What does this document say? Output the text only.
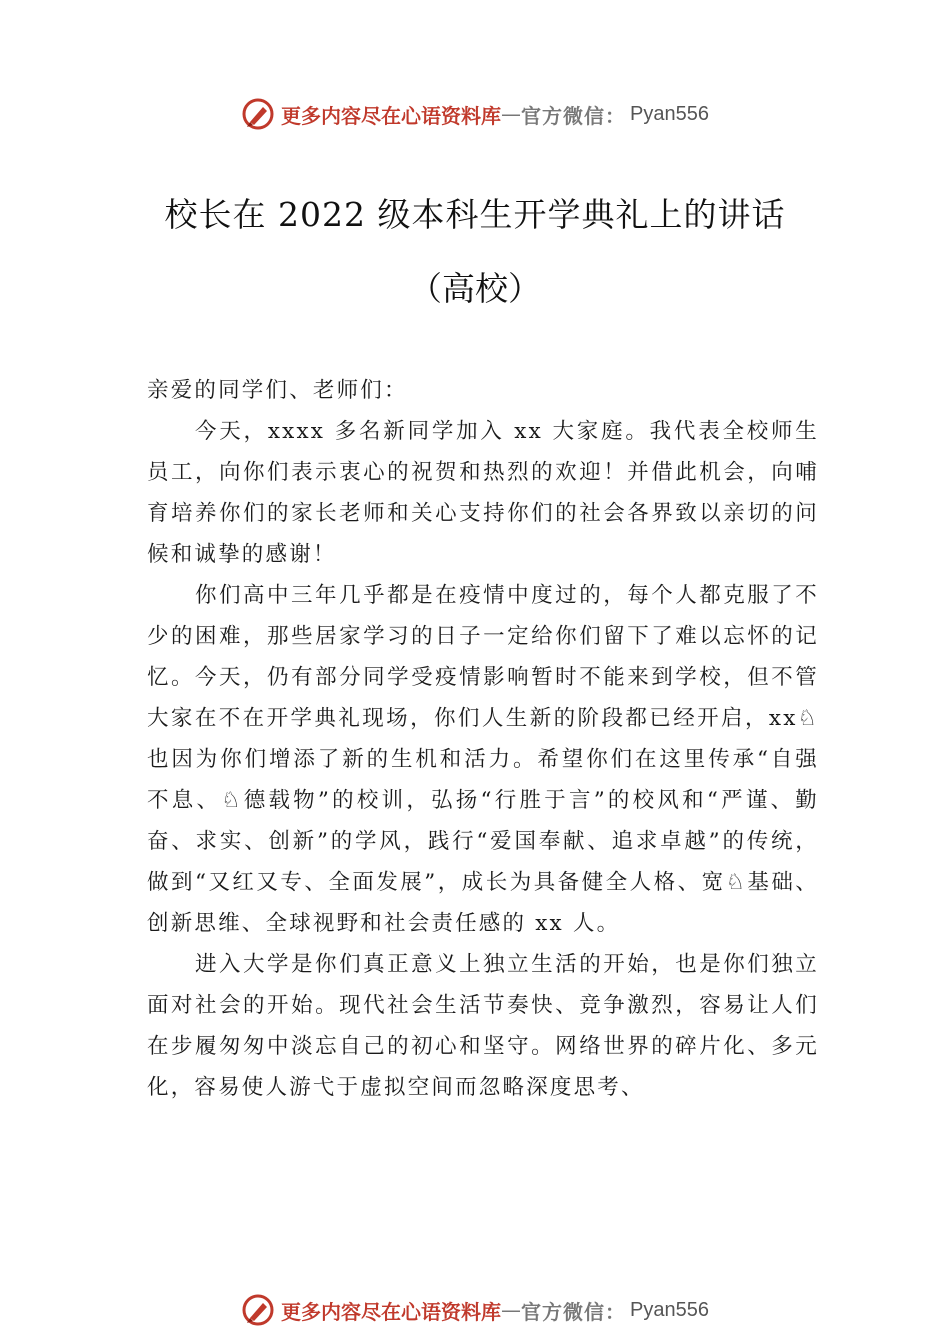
更多内容尽在心语资料库 — 官方微信： Pyan556
校长在 2022 级本科生开学典礼上的讲话
（高校）

亲爱的同学们、老师们：

今天，xxxx 多名新同学加入 xx 大家庭。我代表全校师生员工，向你们表示衷心的祝贺和热烈的欢迎！并借此机会，向哺育培养你们的家长老师和关心支持你们的社会各界致以亲切的问候和诚挚的感谢！

你们高中三年几乎都是在疫情中度过的，每个人都克服了不少的困难，那些居家学习的日子一定给你们留下了难以忘怀的记忆。今天，仍有部分同学受疫情影响暂时不能来到学校，但不管大家在不在开学典礼现场，你们人生新的阶段都已经开启，xx♘也因为你们增添了新的生机和活力。希望你们在这里传承“自强不息、♘德载物”的校训，弘扬“行胜于言”的校风和“严谨、勤奋、求实、创新”的学风，践行“爱国奉献、追求卓越”的传统，做到“又红又专、全面发展”，成长为具备健全人格、宽♘基础、创新思维、全球视野和社会责任感的 xx 人。

进入大学是你们真正意义上独立生活的开始，也是你们独立面对社会的开始。现代社会生活节奏快、竞争激烈，容易让人们在步履匆匆中淡忘自己的初心和坚守。网络世界的碎片化、多元化，容易使人游弋于虚拟空间而忽略深度思考、

更多内容尽在心语资料库 — 官方微信： Pyan556
